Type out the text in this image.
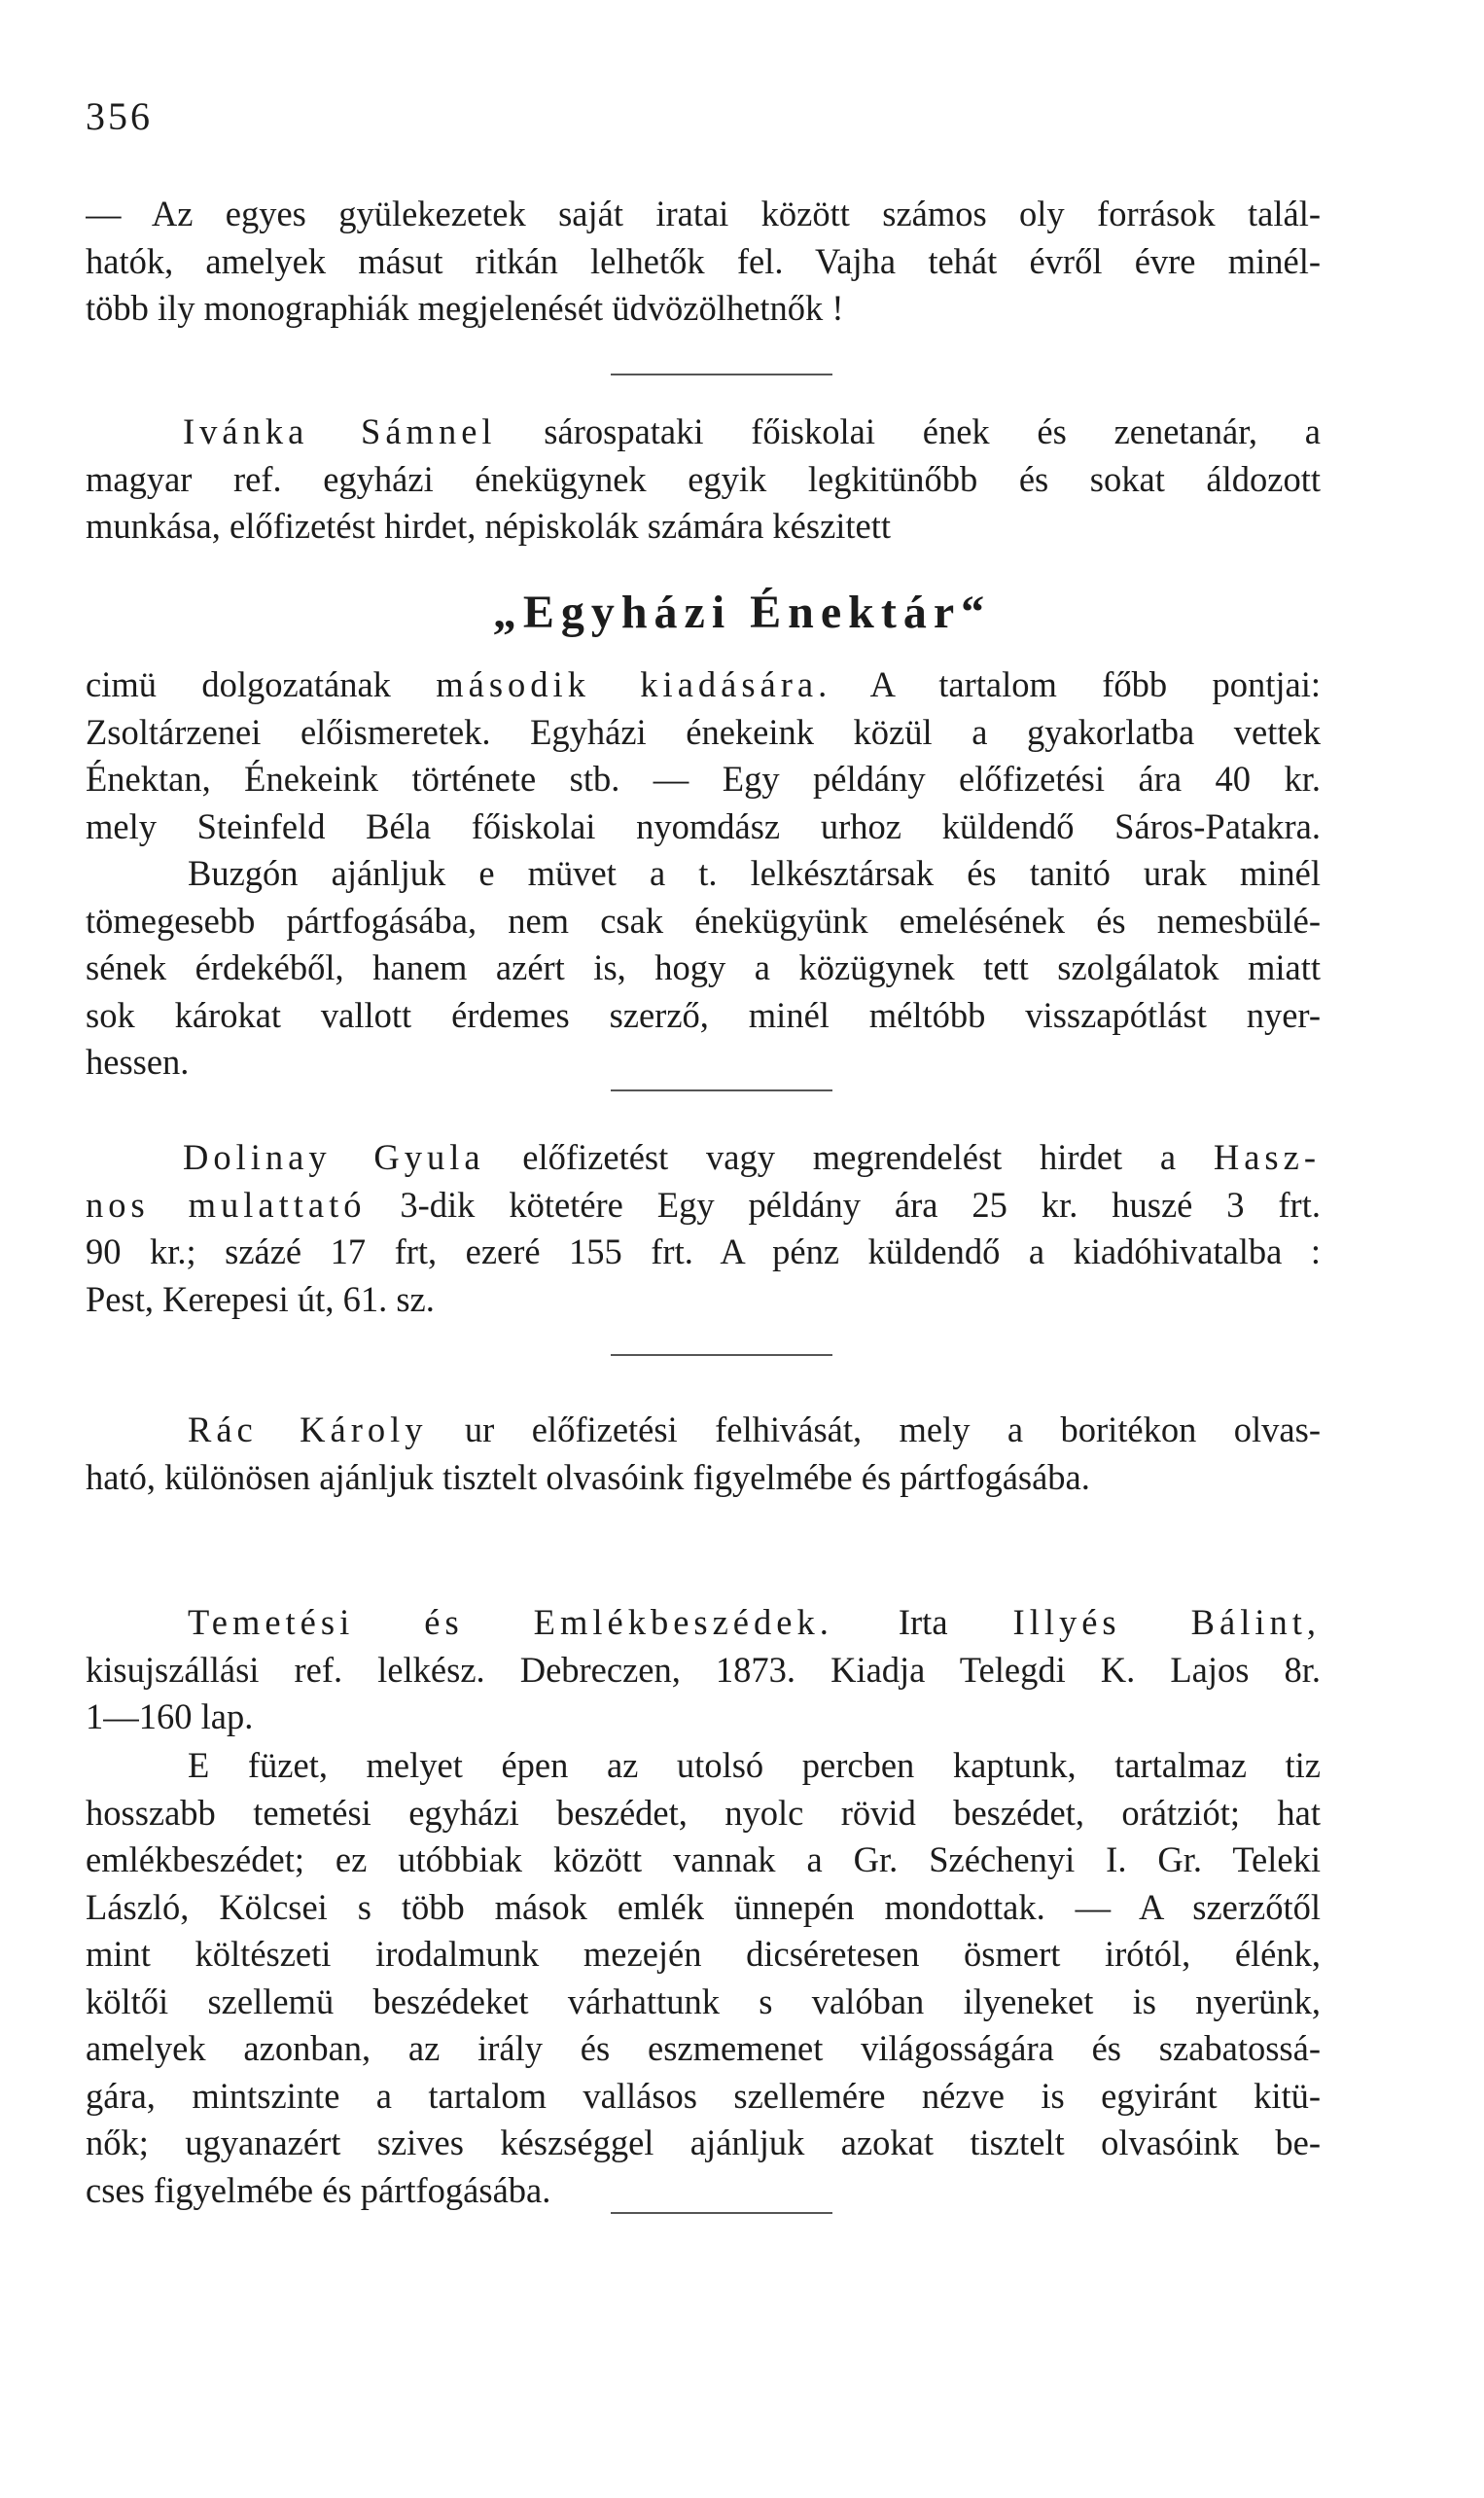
356
— Az egyes gyülekezetek saját iratai között számos oly források talál-
hatók, amelyek másut ritkán lelhetők fel. Vajha tehát évről évre minél-
több ily monographiák megjelenését üdvözölhetnők !
Ivánka Sámnel sárospataki főiskolai ének és zenetanár, a
magyar ref. egyházi énekügynek egyik legkitünőbb és sokat áldozott
munkása, előfizetést hirdet, népiskolák számára készitett
„Egyházi Énektár“
cimü dolgozatának második kiadására. A tartalom főbb pontjai:
Zsoltárzenei előismeretek. Egyházi énekeink közül a gyakorlatba vettek
Énektan, Énekeink története stb. — Egy példány előfizetési ára 40 kr.
mely Steinfeld Béla főiskolai nyomdász urhoz küldendő Sáros-Patakra.
Buzgón ajánljuk e müvet a t. lelkésztársak és tanitó urak minél
tömegesebb pártfogásába, nem csak énekügyünk emelésének és nemesbülé-
sének érdekéből, hanem azért is, hogy a közügynek tett szolgálatok miatt
sok károkat vallott érdemes szerző, minél méltóbb visszapótlást nyer-
hessen.
Dolinay Gyula előfizetést vagy megrendelést hirdet a Hasz-
nos mulattató 3-dik kötetére Egy példány ára 25 kr. huszé 3 frt.
90 kr.; százé 17 frt, ezeré 155 frt. A pénz küldendő a kiadóhivatalba :
Pest, Kerepesi út, 61. sz.
Rác Károly ur előfizetési felhivását, mely a boritékon olvas-
ható, különösen ajánljuk tisztelt olvasóink figyelmébe és pártfogásába.
Temetési és Emlékbeszédek. Irta Illyés Bálint,
kisujszállási ref. lelkész. Debreczen, 1873. Kiadja Telegdi K. Lajos 8r.
1—160 lap.
E füzet, melyet épen az utolsó percben kaptunk, tartalmaz tiz
hosszabb temetési egyházi beszédet, nyolc rövid beszédet, orátziót; hat
emlékbeszédet; ez utóbbiak között vannak a Gr. Széchenyi I. Gr. Teleki
László, Kölcsei s több mások emlék ünnepén mondottak. — A szerzőtől
mint költészeti irodalmunk mezején dicséretesen ösmert irótól, élénk,
költői szellemü beszédeket várhattunk s valóban ilyeneket is nyerünk,
amelyek azonban, az irály és eszmemenet világosságára és szabatossá-
gára, mintszinte a tartalom vallásos szellemére nézve is egyiránt kitü-
nők; ugyanazért szives készséggel ajánljuk azokat tisztelt olvasóink be-
cses figyelmébe és pártfogásába.
